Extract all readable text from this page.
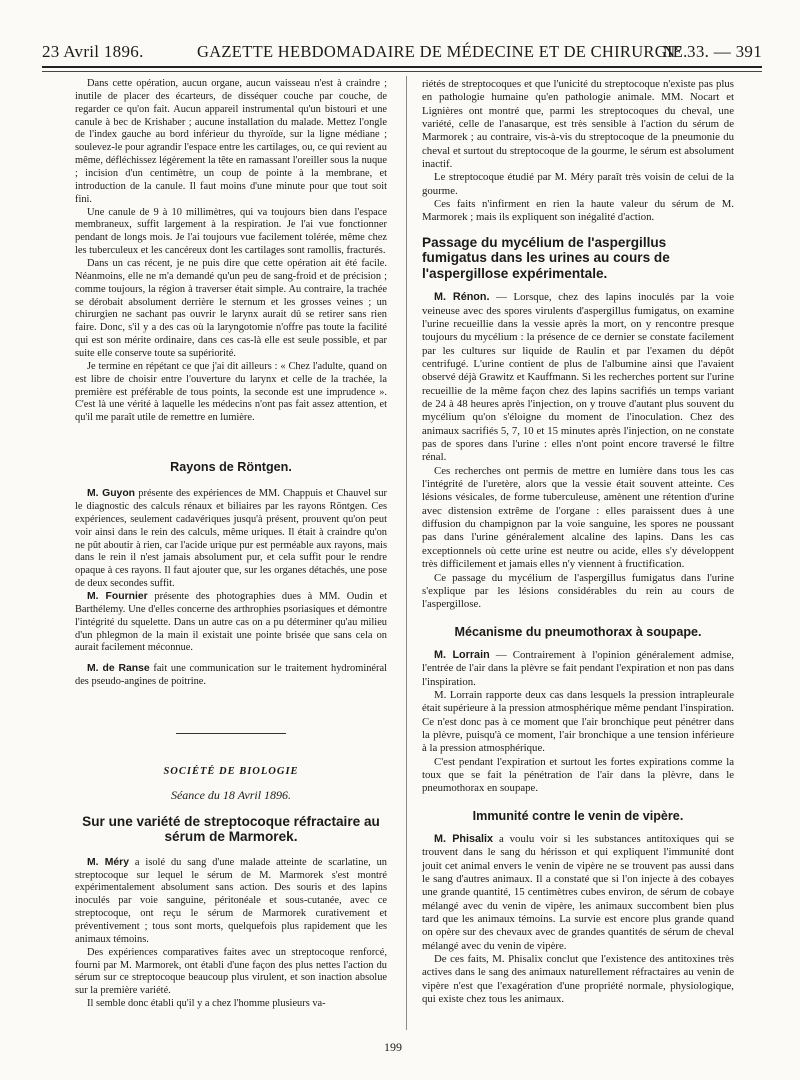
23 Avril 1896.	GAZETTE HEBDOMADAIRE DE MÉDECINE ET DE CHIRURGIE.
N° 33. — 391

Dans cette opération, aucun organe, aucun vaisseau n'est à craindre ; inutile de placer des écarteurs, de disséquer couche par couche, de regarder ce qu'on fait. Aucun appareil instrumental qu'un bistouri et une canule à bec de Krishaber ; aucune installation du malade. Mettez l'ongle de l'index gauche au bord inférieur du thyroïde, sur la ligne médiane ; soulevez-le pour agrandir l'espace entre les cartilages, ou, ce qui revient au même, défléchissez légèrement la tête en ramassant l'oreiller sous la nuque ; incision d'un centimètre, un coup de pointe à la membrane, et introduction de la canule. Il faut moins d'une minute pour que tout soit fini.

Une canule de 9 à 10 millimètres, qui va toujours bien dans l'espace membraneux, suffit largement à la respiration. Je l'ai vue fonctionner pendant de longs mois. Je l'ai toujours vue facilement tolérée, même chez les tuberculeux et les cancéreux dont les cartilages sont ramollis, fracturés.

Dans un cas récent, je ne puis dire que cette opération ait été facile. Néanmoins, elle ne m'a demandé qu'un peu de sang-froid et de précision ; comme toujours, la région à traverser était simple. Au contraire, la trachée se dérobait absolument derrière le sternum et les grosses veines ; un chirurgien ne sachant pas ouvrir le larynx aurait dû se retirer sans rien faire. Donc, s'il y a des cas où la laryngotomie n'offre pas toute la facilité qui est son mérite ordinaire, dans ces cas-là elle est seule possible, et par suite elle conserve toute sa supériorité.

Je termine en répétant ce que j'ai dit ailleurs : « Chez l'adulte, quand on est libre de choisir entre l'ouverture du larynx et celle de la trachée, la première est préférable de tous points, la seconde est une imprudence ». C'est là une vérité à laquelle les médecins n'ont pas fait assez attention, et qu'il me paraît utile de remettre en lumière.

Rayons de Röntgen.

M. Guyon présente des expériences de MM. Chappuis et Chauvel sur le diagnostic des calculs rénaux et biliaires par les rayons Röntgen. Ces expériences, seulement cadavériques jusqu'à présent, prouvent qu'on peut voir ainsi dans le rein des calculs, même uriques. Il était à craindre qu'on ne pût aboutir à rien, car l'acide urique pur est perméable aux rayons, mais dans le rein il n'est jamais absolument pur, et cela suffit pour le rendre opaque à ces rayons. Il faut ajouter que, sur les organes détachés, une pose de deux secondes suffit.

M. Fournier présente des photographies dues à MM. Oudin et Barthélemy. Une d'elles concerne des arthrophies psoriasiques et démontre l'intégrité du squelette. Dans un autre cas on a pu déterminer qu'au milieu d'un phlegmon de la main il existait une pointe brisée que sans cela on aurait facilement méconnue.

M. de Ranse fait une communication sur le traitement hydrominéral des pseudo-angines de poitrine.

SOCIÉTÉ DE BIOLOGIE
Séance du 18 Avril 1896.
Sur une variété de streptocoque réfractaire au sérum de Marmorek.

M. Méry a isolé du sang d'une malade atteinte de scarlatine, un streptocoque sur lequel le sérum de M. Marmorek s'est montré expérimentalement absolument sans action. Des souris et des lapins inoculés par voie sanguine, péritonéale et sous-cutanée, avec ce streptocoque, ont reçu le sérum de Marmorek curativement et préventivement ; tous sont morts, quelquefois plus rapidement que les animaux témoins.

Des expériences comparatives faites avec un streptocoque renforcé, fourni par M. Marmorek, ont établi d'une façon des plus nettes l'action du sérum sur ce streptocoque beaucoup plus virulent, et son inaction absolue sur la première variété.

Il semble donc établi qu'il y a chez l'homme plusieurs va-

riétés de streptocoques et que l'unicité du streptocoque n'existe pas plus en pathologie humaine qu'en pathologie animale. MM. Nocart et Lignières ont montré que, parmi les streptocoques du cheval, une variété, celle de l'anasarque, est très sensible à l'action du sérum de Marmorek ; au contraire, vis-à-vis du streptocoque de la pneumonie du cheval et surtout du streptocoque de la gourme, le sérum est absolument inactif.

Le streptocoque étudié par M. Méry paraît très voisin de celui de la gourme.

Ces faits n'infirment en rien la haute valeur du sérum de M. Marmorek ; mais ils expliquent son inégalité d'action.

Passage du mycélium de l'aspergillus fumigatus dans les urines au cours de l'aspergillose expérimentale.

M. Rénon. — Lorsque, chez des lapins inoculés par la voie veineuse avec des spores virulents d'aspergillus fumigatus, on examine l'urine recueillie dans la vessie après la mort, on y rencontre presque toujours du mycélium : la présence de ce dernier se constate facilement par les cultures sur liquide de Raulin et par l'examen du dépôt centrifugé. L'urine contient de plus de l'albumine ainsi que l'avaient observé déjà Grawitz et Kauffmann. Si les recherches portent sur l'urine recueillie de la même façon chez des lapins sacrifiés un temps variant de 24 à 48 heures après l'injection, on y trouve d'autant plus souvent du mycélium qu'on s'éloigne du moment de l'inoculation. Chez des animaux sacrifiés 5, 7, 10 et 15 minutes après l'injection, on ne constate pas de spores dans l'urine : elles n'ont point encore traversé le filtre rénal.

Ces recherches ont permis de mettre en lumière dans tous les cas l'intégrité de l'uretère, alors que la vessie était souvent atteinte. Ces lésions vésicales, de forme tuberculeuse, amènent une rétention d'urine avec distension extrême de l'organe : elles paraissent dues à une diffusion du champignon par la voie sanguine, les spores ne poussant pas dans l'urine généralement alcaline des lapins. Dans les cas exceptionnels où cette urine est neutre ou acide, elles s'y développent très difficilement et jamais elles n'y viennent à fructification.

Ce passage du mycélium de l'aspergillus fumigatus dans l'urine s'explique par les lésions considérables du rein au cours de l'aspergillose.

Mécanisme du pneumothorax à soupape.

M. Lorrain — Contrairement à l'opinion généralement admise, l'entrée de l'air dans la plèvre se fait pendant l'expiration et non pas dans l'inspiration.

M. Lorrain rapporte deux cas dans lesquels la pression intrapleurale était supérieure à la pression atmosphérique même pendant l'inspiration. Ce n'est donc pas à ce moment que l'air bronchique peut pénétrer dans la plèvre, puisqu'à ce moment, l'air bronchique a une tension inférieure à la pression atmosphérique.

C'est pendant l'expiration et surtout les fortes expirations comme la toux que se fait la pénétration de l'air dans la plèvre, dans le pneumothorax en soupape.

Immunité contre le venin de vipère.

M. Phisalix a voulu voir si les substances antitoxiques qui se trouvent dans le sang du hérisson et qui expliquent l'immunité dont jouit cet animal envers le venin de vipère ne se trouvent pas aussi dans le sang d'autres animaux. Il a constaté que si l'on injecte à des cobayes une grande quantité, 15 centimètres cubes environ, de sérum de cobaye mélangé avec du venin de vipère, les animaux succombent bien plus tard que les animaux témoins. La survie est encore plus grande quand on opère sur des chevaux avec de grandes quantités de sérum de cheval mélangé avec du venin de vipère.

De ces faits, M. Phisalix conclut que l'existence des antitoxines très actives dans le sang des animaux naturellement réfractaires au venin de vipère n'est que l'exagération d'une propriété normale, physiologique, qui existe chez tous les animaux.

199
